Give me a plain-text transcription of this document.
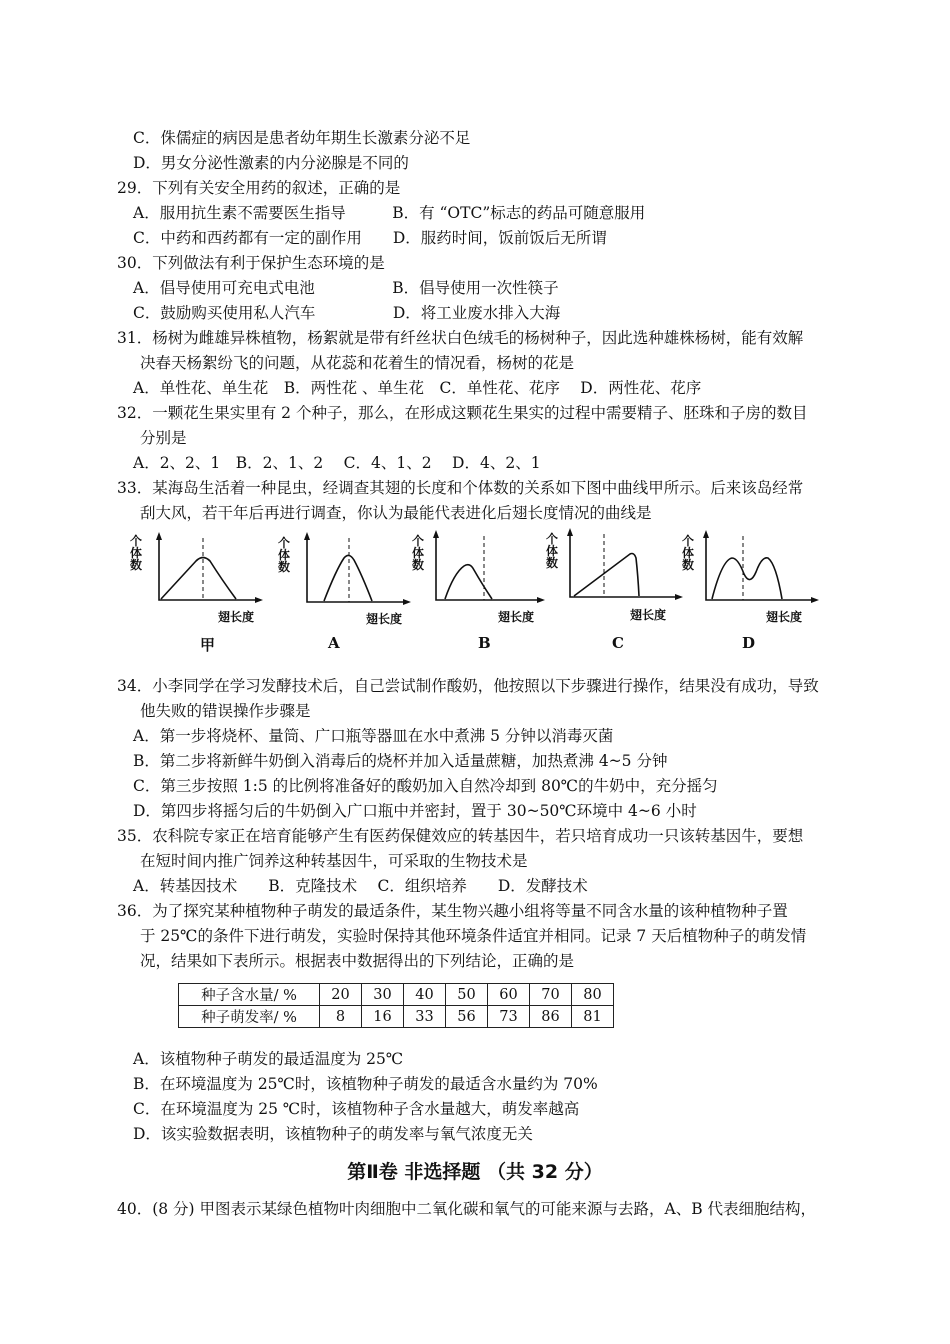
C．侏儒症的病因是患者幼年期生长激素分泌不足
D．男女分泌性激素的内分泌腺是不同的
29．下列有关安全用药的叙述，正确的是
A．服用抗生素不需要医生指导　　　B．有 “OTC”标志的药品可随意服用
C．中药和西药都有一定的副作用　　D．服药时间，饭前饭后无所谓
30．下列做法有利于保护生态环境的是
A．倡导使用可充电式电池　　　　　B．倡导使用一次性筷子
C．鼓励购买使用私人汽车　　　　　D．将工业废水排入大海
31．杨树为雌雄异株植物，杨絮就是带有纤丝状白色绒毛的杨树种子，因此选种雄株杨树，能有效解
决春天杨絮纷飞的问题，从花蕊和花着生的情况看，杨树的花是
A．单性花、单生花　B．两性花 、单生花　C．单性花、花序　 D．两性花、花序
32．一颗花生果实里有 2 个种子，那么，在形成这颗花生果实的过程中需要精子、胚珠和子房的数目
分别是
A．2、2、1　B．2、1、2　 C．4、1、2　 D．4、2、1
33．某海岛生活着一种昆虫，经调查其翅的长度和个体数的关系如下图中曲线甲所示。后来该岛经常
刮大风，若干年后再进行调查，你认为最能代表进化后翅长度情况的曲线是
个
体
数
翅长度
甲
个
体
数
翅长度
A
个
体
数
翅长度
B
个
体
数
翅长度
C
个
体
数
翅长度
D
34．小李同学在学习发酵技术后，自己尝试制作酸奶，他按照以下步骤进行操作，结果没有成功，导致
他失败的错误操作步骤是
A．第一步将烧杯、量筒、广口瓶等器皿在水中煮沸 5 分钟以消毒灭菌
B．第二步将新鲜牛奶倒入消毒后的烧杯并加入适量蔗糖，加热煮沸 4~5 分钟
C．第三步按照 1:5 的比例将准备好的酸奶加入自然冷却到 80℃的牛奶中，充分摇匀
D．第四步将摇匀后的牛奶倒入广口瓶中并密封，置于 30~50℃环境中 4~6 小时
35．农科院专家正在培育能够产生有医药保健效应的转基因牛，若只培育成功一只该转基因牛，要想
在短时间内推广饲养这种转基因牛，可采取的生物技术是
A．转基因技术　　B．克隆技术　 C．组织培养　　D．发酵技术
36．为了探究某种植物种子萌发的最适条件，某生物兴趣小组将等量不同含水量的该种植物种子置
于 25℃的条件下进行萌发，实验时保持其他环境条件适宜并相同。记录 7 天后植物种子的萌发情
况，结果如下表所示。根据表中数据得出的下列结论，正确的是
种子含水量/ %	20	30	40	50	60	70	80
种子萌发率/ %	8	16	33	56	73	86	81
A．该植物种子萌发的最适温度为 25℃
B．在环境温度为 25℃时，该植物种子萌发的最适含水量约为 70%
C．在环境温度为 25 ℃时，该植物种子含水量越大，萌发率越高
D．该实验数据表明，该植物种子的萌发率与氧气浓度无关
第Ⅱ卷 非选择题 （共 32 分）
40．(8 分) 甲图表示某绿色植物叶肉细胞中二氧化碳和氧气的可能来源与去路，A、B 代表细胞结构，
